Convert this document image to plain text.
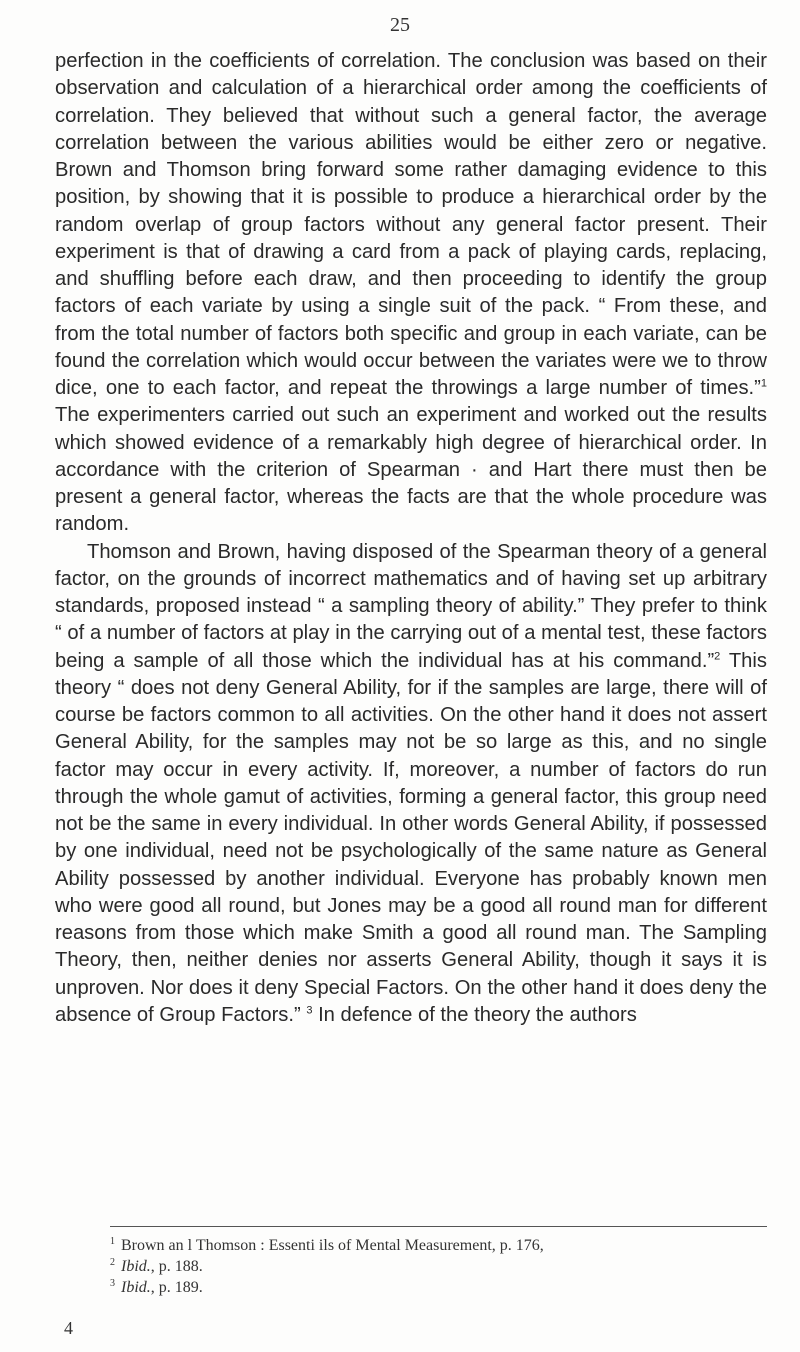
25

perfection in the coefficients of correlation. The conclusion was based on their observation and calculation of a hierarchical order among the coefficients of correlation. They believed that without such a general factor, the average correlation between the various abilities would be either zero or negative. Brown and Thomson bring forward some rather damaging evidence to this position, by showing that it is possible to produce a hierarchical order by the random overlap of group factors without any general factor present. Their experiment is that of drawing a card from a pack of playing cards, replacing, and shuffling before each draw, and then proceeding to identify the group factors of each variate by using a single suit of the pack. “ From these, and from the total number of factors both specific and group in each variate, can be found the correlation which would occur between the variates were we to throw dice, one to each factor, and repeat the throwings a large number of times.”$^1$ The experimenters carried out such an experiment and worked out the results which showed evidence of a remarkably high degree of hierarchical order. In accordance with the criterion of Spearman · and Hart there must then be present a general factor, whereas the facts are that the whole procedure was random.

Thomson and Brown, having disposed of the Spearman theory of a general factor, on the grounds of incorrect mathematics and of having set up arbitrary standards, proposed instead “ a sampling theory of ability.” They prefer to think “ of a number of factors at play in the carrying out of a mental test, these factors being a sample of all those which the individual has at his command.”$^2$ This theory “ does not deny General Ability, for if the samples are large, there will of course be factors common to all activities. On the other hand it does not assert General Ability, for the samples may not be so large as this, and no single factor may occur in every activity. If, moreover, a number of factors do run through the whole gamut of activities, forming a general factor, this group need not be the same in every individual. In other words General Ability, if possessed by one individual, need not be psychologically of the same nature as General Ability possessed by another individual. Everyone has probably known men who were good all round, but Jones may be a good all round man for different reasons from those which make Smith a good all round man. The Sampling Theory, then, neither denies nor asserts General Ability, though it says it is unproven. Nor does it deny Special Factors. On the other hand it does deny the absence of Group Factors.” $^3$ In defence of the theory the authors

$^1$ Brown an l Thomson : Essenti ils of Mental Measurement, p. 176,
$^2$ Ibid., p. 188.
$^3$ Ibid., p. 189.
4
